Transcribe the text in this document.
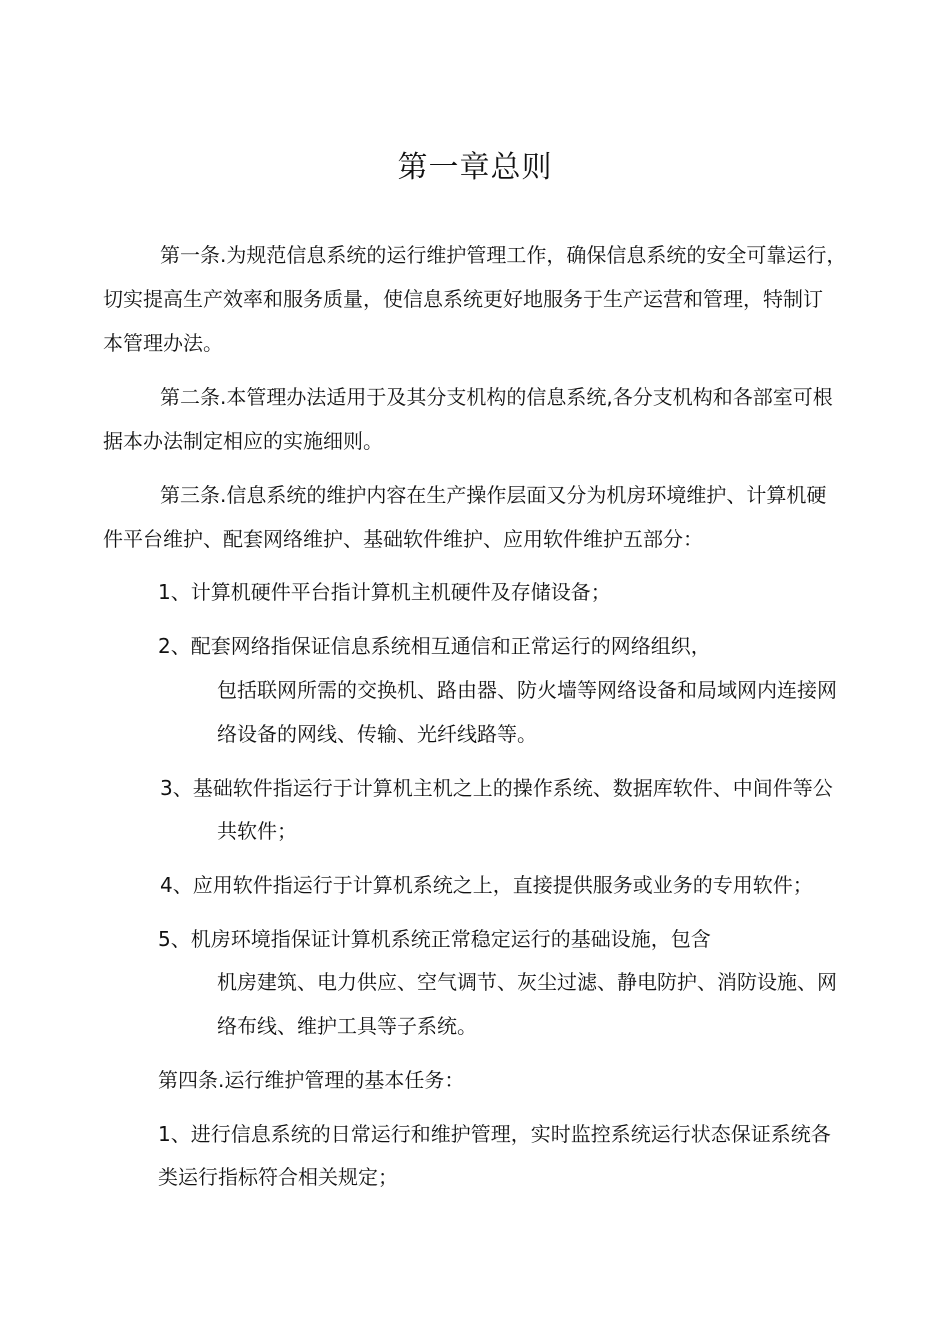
第一章总则

第一条.为规范信息系统的运行维护管理工作，确保信息系统的安全可靠运行，

切实提高生产效率和服务质量，使信息系统更好地服务于生产运营和管理，特制订

本管理办法。

第二条.本管理办法适用于及其分支机构的信息系统,各分支机构和各部室可根

据本办法制定相应的实施细则。

第三条.信息系统的维护内容在生产操作层面又分为机房环境维护、计算机硬

件平台维护、配套网络维护、基础软件维护、应用软件维护五部分：

1、计算机硬件平台指计算机主机硬件及存储设备；

2、配套网络指保证信息系统相互通信和正常运行的网络组织，

包括联网所需的交换机、路由器、防火墙等网络设备和局域网内连接网

络设备的网线、传输、光纤线路等。

3、基础软件指运行于计算机主机之上的操作系统、数据库软件、中间件等公

共软件；

4、应用软件指运行于计算机系统之上，直接提供服务或业务的专用软件；

5、机房环境指保证计算机系统正常稳定运行的基础设施，包含

机房建筑、电力供应、空气调节、灰尘过滤、静电防护、消防设施、网

络布线、维护工具等子系统。

第四条.运行维护管理的基本任务：

1、进行信息系统的日常运行和维护管理，实时监控系统运行状态保证系统各

类运行指标符合相关规定；
